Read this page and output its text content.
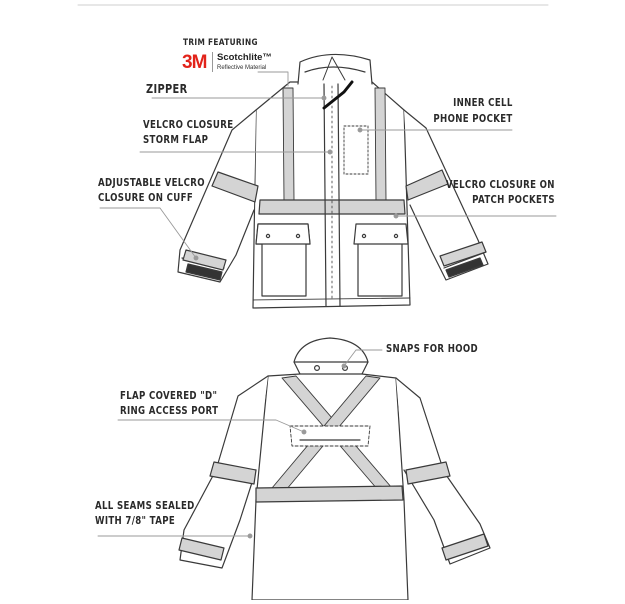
3M Scotchlite™
Reflective Material
TRIM FEATURING
ZIPPER
VELCRO CLOSURE
STORM FLAP
ADJUSTABLE VELCRO
CLOSURE ON CUFF
INNER CELL
PHONE POCKET
VELCRO CLOSURE ON
PATCH POCKETS
SNAPS FOR HOOD
FLAP COVERED "D"
RING ACCESS PORT
ALL SEAMS SEALED
WITH 7/8" TAPE
